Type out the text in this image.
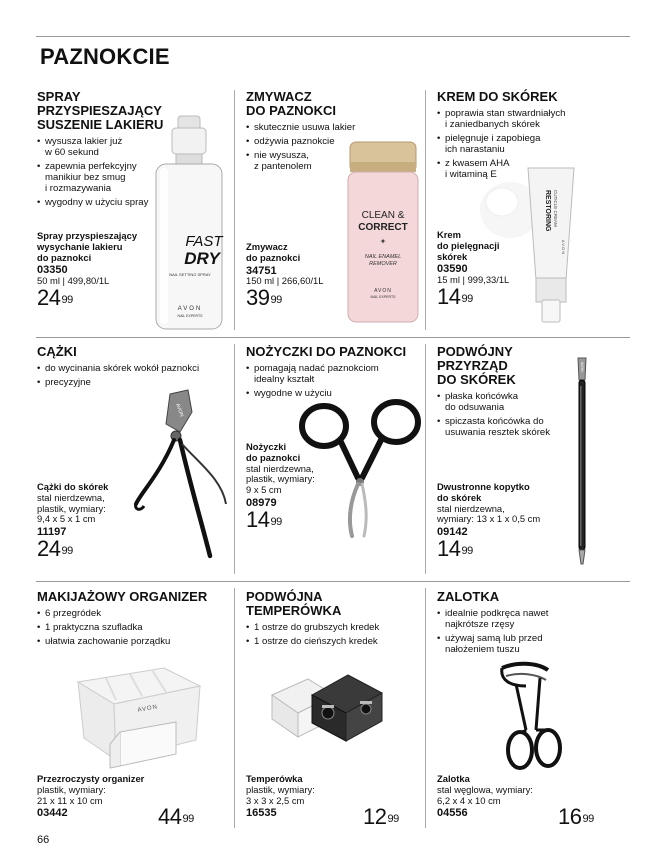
PAZNOKCIE
SPRAY
PRZYSPIESZAJĄCY
SUSZENIE LAKIERU
• wysusza lakier już
w 60 sekund
• zapewnia perfekcyjny
manikiur bez smug
i rozmazywania
• wygodny w użyciu spray
Spray przyspieszający
wysychanie lakieru
do paznokci
03350
50 ml | 499,80/1L
$24^{99}$
FAST
DRY
NAIL SETTING SPRAY
AVON
NAIL EXPERTS
ZMYWACZ
DO PAZNOKCI
• skutecznie usuwa lakier
• odżywia paznokcie
• nie wysusza,
z pantenolem
Zmywacz
do paznokci
34751
150 ml | 266,60/1L
$39^{99}$
CLEAN &
CORRECT
✦
NAIL ENAMEL
REMOVER
AVON
NAIL EXPERTS
KREM DO SKÓREK
• poprawia stan stwardniałych
i zaniedbanych skórek
• pielęgnuje i zapobiega
ich narastaniu
• z kwasem AHA
i witaminą E
Krem
do pielęgnacji
skórek
03590
15 ml | 999,33/1L
$14^{99}$
RESTORING CUTICLE CREAM
AVON
CĄŻKI
• do wycinania skórek wokół paznokci
• precyzyjne
Cążki do skórek
stal nierdzewna,
plastik, wymiary:
9,4 x 5 x 1 cm
11197
$24^{99}$
AVON
NOŻYCZKI DO PAZNOKCI
• pomagają nadać paznokciom
idealny kształt
• wygodne w użyciu
Nożyczki
do paznokci
stal nierdzewna,
plastik, wymiary:
9 x 5 cm
08979
$14^{99}$
PODWÓJNY
PRZYRZĄD
DO SKÓREK
• płaska końcówka
do odsuwania
• spiczasta końcówka do
usuwania resztek skórek
Dwustronne kopytko
do skórek
stal nierdzewna,
wymiary: 13 x 1 x 0,5 cm
09142
$14^{99}$
AVON
MAKIJAŻOWY ORGANIZER
• 6 przegródek
• 1 praktyczna szufladka
• ułatwia zachowanie porządku
Przezroczysty organizer
plastik, wymiary:
21 x 11 x 10 cm
03442	$44^{99}$
AVON
PODWÓJNA
TEMPERÓWKA
• 1 ostrze do grubszych kredek
• 1 ostrze do cieńszych kredek
Temperówka
plastik, wymiary:
3 x 3 x 2,5 cm
16535	$12^{99}$
ZALOTKA
• idealnie podkręca nawet
najkrótsze rzęsy
• używaj samą lub przed
nałożeniem tuszu
Zalotka
stal węglowa, wymiary:
6,2 x 4 x 10 cm
04556	$16^{99}$
66
